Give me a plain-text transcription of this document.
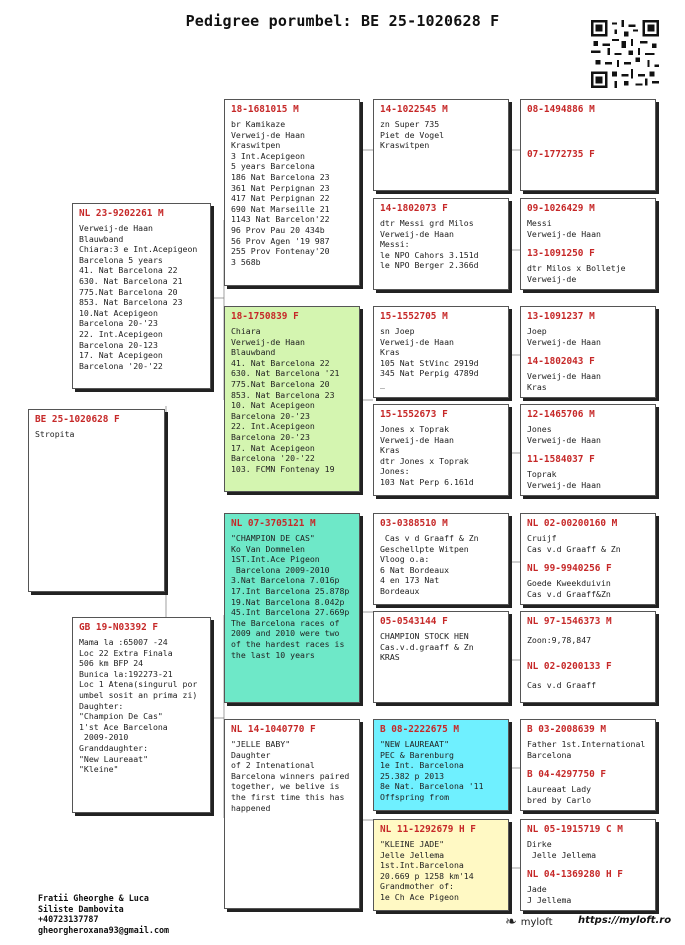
Pedigree porumbel: BE 25-1020628 F
BE 25-1020628 F
Stropita
NL 23-9202261 M
Verweij-de Haan
Blauwband
Chiara:3 e Int.Acepigeon
Barcelona 5 years
41. Nat Barcelona 22
630. Nat Barcelona 21
775.Nat Barcelona 20
853. Nat Barcelona 23
10.Nat Acepigeon
Barcelona 20-'23
22. Int.Acepigeon
Barcelona 20-123
17. Nat Acepigeon
Barcelona '20-'22
GB 19-N03392 F
Mama la :65007 -24
Loc 22 Extra Finala
506 km BFP 24
Bunica la:192273-21
Loc 1 Atena(singurul por
umbel sosit an prima zi)
Daughter:
"Champion De Cas"
1'st Ace Barcelona
2009-2010
Granddaughter:
"New Laureaat"
"Kleine"
18-1681015 M
br Kamikaze
Verweij-de Haan
Kraswitpen
3 Int.Acepigeon
5 years Barcelona
186 Nat Barcelona 23
361 Nat Perpignan 23
417 Nat Perpignan 22
690 Nat Marseille 21
1143 Nat Barcelon'22
96 Prov Pau 20 434b
56 Prov Agen '19 987
255 Prov Fontenay'20
3 568b
18-1750839 F
Chiara
Verweij-de Haan
Blauwband
41. Nat Barcelona 22
630. Nat Barcelona '21
775.Nat Barcelona 20
853. Nat Barcelona 23
10. Nat Acepigeon
Barcelona 20-'23
22. Int.Acepigeon
Barcelona 20-'23
17. Nat Acepigeon
Barcelona '20-'22
103. FCMN Fontenay 19
NL 07-3705121 M
"CHAMPION DE CAS"
Ko Van Dommelen
1ST.Int.Ace Pigeon
Barcelona 2009-2010
3.Nat Barcelona 7.016p
17.Int Barcelona 25.878p
19.Nat Barcelona 8.042p
45.Int Barcelona 27.669p
The Barcelona races of
2009 and 2010 were two
of the hardest races is
the last 10 years
NL 14-1040770 F
"JELLE BABY"
Daughter
of 2 Intenational
Barcelona winners paired
together, we belive is
the first time this has
happened
14-1022545 M
zn Super 735
Piet de Vogel
Kraswitpen
14-1802073 F
dtr Messi grd Milos
Verweij-de Haan
Messi:
le NPO Cahors 3.151d
le NPO Berger 2.366d
15-1552705 M
sn Joep
Verweij-de Haan
Kras
105 Nat StVinc 2919d
345 Nat Perpig 4789d
_
15-1552673 F
Jones x Toprak
Verweij-de Haan
Kras
dtr Jones x Toprak
Jones:
103 Nat Perp 6.161d
03-0388510 M
Cas v d Graaff & Zn
Geschellpte Witpen
Vloog o.a:
6 Nat Bordeaux
4 en 173 Nat
Bordeaux
05-0543144 F
CHAMPION STOCK HEN
Cas.v.d.graaff & Zn
KRAS
B 08-2222675 M
"NEW LAUREAAT"
PEC & Barenburg
1e Int. Barcelona
25.382 p 2013
8e Nat. Barcelona '11
Offspring from
NL 11-1292679 H F
"KLEINE JADE"
Jelle Jellema
1st.Int.Barcelona
20.669 p 1258 km'14
Grandmother of:
1e Ch Ace Pigeon
08-1494886 M
07-1772735 F
09-1026429 M
Messi
Verweij-de Haan
13-1091250 F
dtr Milos x Bolletje
Verweij-de
13-1091237 M
Joep
Verweij-de Haan
14-1802043 F
Verweij-de Haan
Kras
12-1465706 M
Jones
Verweij-de Haan
11-1584037 F
Toprak
Verweij-de Haan
NL 02-00200160 M
Cruijf
Cas v.d Graaff & Zn
NL 99-9940256 F
Goede Kweekduivin
Cas v.d Graaff&Zn
NL 97-1546373 M
Zoon:9,78,847
NL 02-0200133 F
Cas v.d Graaff
B 03-2008639 M
Father 1st.International
Barcelona
B 04-4297750 F
Laureaat Lady
bred by Carlo
NL 05-1915719 C M
Dirke
Jelle Jellema
NL 04-1369280 H F
Jade
J Jellema
Fratii Gheorghe & Luca
Siliste Dambovita
+40723137787
gheorgheroxana93@gmail.com	❧ myloft	https://myloft.ro
